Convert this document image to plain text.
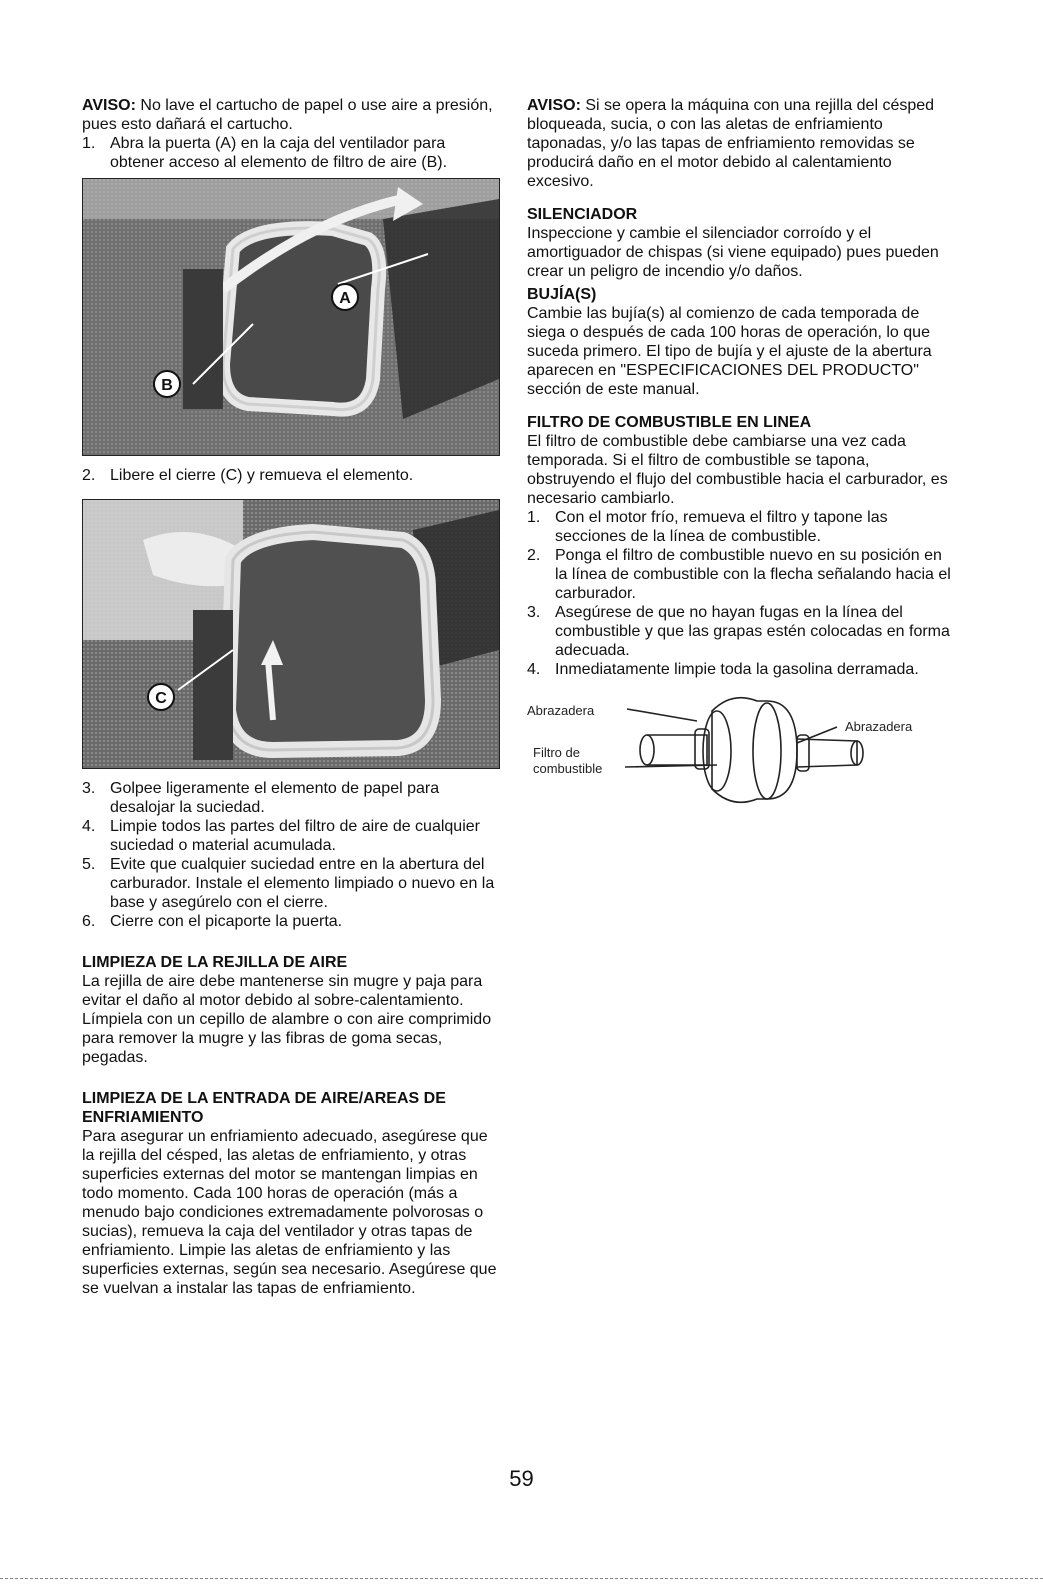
AVISO: No lave el cartucho de papel o use aire a presión, pues esto dañará el cartucho.

1. Abra la puerta (A) en la caja del ventilador para obtener acceso al elemento de filtro de aire (B).
A
B
2. Libere el cierre (C) y remueva el elemento.
C
3. Golpee ligeramente el elemento de papel para desalojar la suciedad.
4. Limpie todos las partes del filtro de aire de cualquier suciedad o material acumulada.
5. Evite que cualquier suciedad entre en la abertura del carburador. Instale el elemento limpiado o nuevo en la base y asegúrelo con el cierre.
6. Cierre con el picaporte la puerta.
LIMPIEZA DE LA REJILLA DE AIRE

La rejilla de aire debe mantenerse sin mugre y paja para evitar el daño al motor debido al sobre-calentamiento. Límpiela con un cepillo de alambre o con aire comprimido para remover la mugre y las fibras de goma secas, pegadas.

LIMPIEZA DE LA ENTRADA DE AIRE/AREAS DE ENFRIAMIENTO

Para asegurar un enfriamiento adecuado, asegúrese que la rejilla del césped, las aletas de enfriamiento, y otras superficies externas del motor se mantengan limpias en todo momento. Cada 100 horas de operación (más a menudo bajo condiciones extremadamente polvorosas o sucias), remueva la caja del ventilador y otras tapas de enfriamiento. Limpie las aletas de enfriamiento y las superficies externas, según sea necesario. Asegúrese que se vuelvan a instalar las tapas de enfriamiento.

AVISO: Si se opera la máquina con una rejilla del césped bloqueada, sucia, o con las aletas de enfriamiento taponadas, y/o las tapas de enfriamiento removidas se producirá daño en el motor debido al calentamiento excesivo.

SILENCIADOR

Inspeccione y cambie el silenciador corroído y el amortiguador de chispas (si viene equipado) pues pueden crear un peligro de incendio y/o daños.

BUJÍA(S)

Cambie las bujía(s) al comienzo de cada temporada de siega o después de cada 100 horas de operación, lo que suceda primero. El tipo de bujía y el ajuste de la abertura aparecen en "ESPECIFICACIONES DEL PRODUCTO" sección de este manual.

FILTRO DE COMBUSTIBLE EN LINEA

El filtro de combustible debe cambiarse una vez cada temporada. Si el filtro de combustible se tapona, obstruyendo el flujo del combustible hacia el carburador, es necesario cambiarlo.

1. Con el motor frío, remueva el filtro y tapone las secciones de la línea de combustible.
2. Ponga el filtro de combustible nuevo en su posición en la línea de combustible con la flecha señalando hacia el carburador.
3. Asegúrese de que no hayan fugas en la línea del combustible y que las grapas estén colocadas en forma adecuada.
4. Inmediatamente limpie toda la gasolina derramada.
Abrazadera
Abrazadera
Filtro de
combustible
59
